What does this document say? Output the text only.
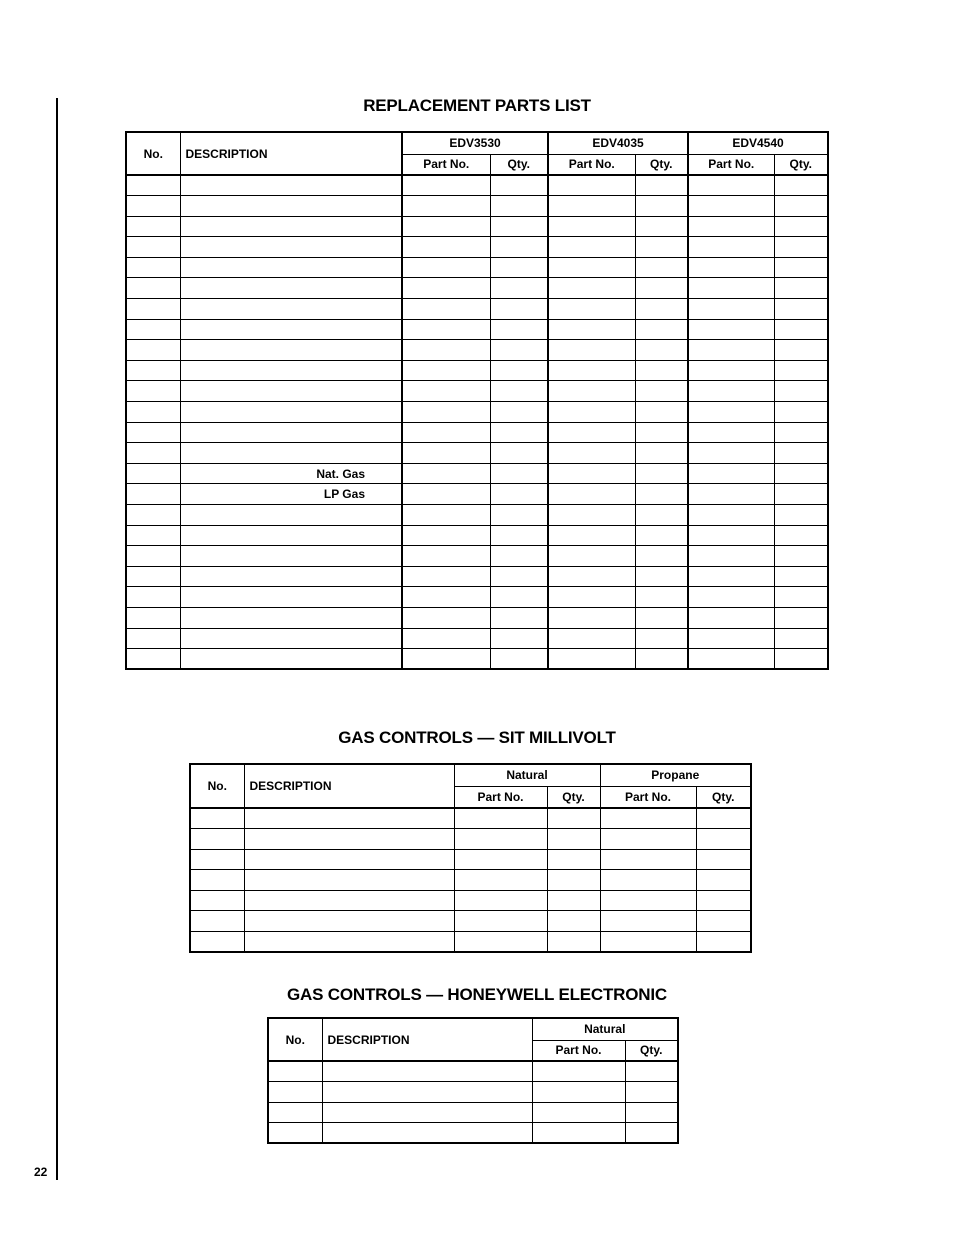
22
REPLACEMENT PARTS LIST
No.	DESCRIPTION	EDV3530		EDV4035		EDV4540	
		Part No.	Qty.	Part No.	Qty.	Part No.	Qty.

	Nat. Gas						
	LP Gas						

GAS CONTROLS — SIT MILLIVOLT
No.	DESCRIPTION	Natural		Propane	
		Part No.	Qty.	Part No.	Qty.

GAS CONTROLS — HONEYWELL ELECTRONIC
No.	DESCRIPTION	Natural	
		Part No.	Qty.
